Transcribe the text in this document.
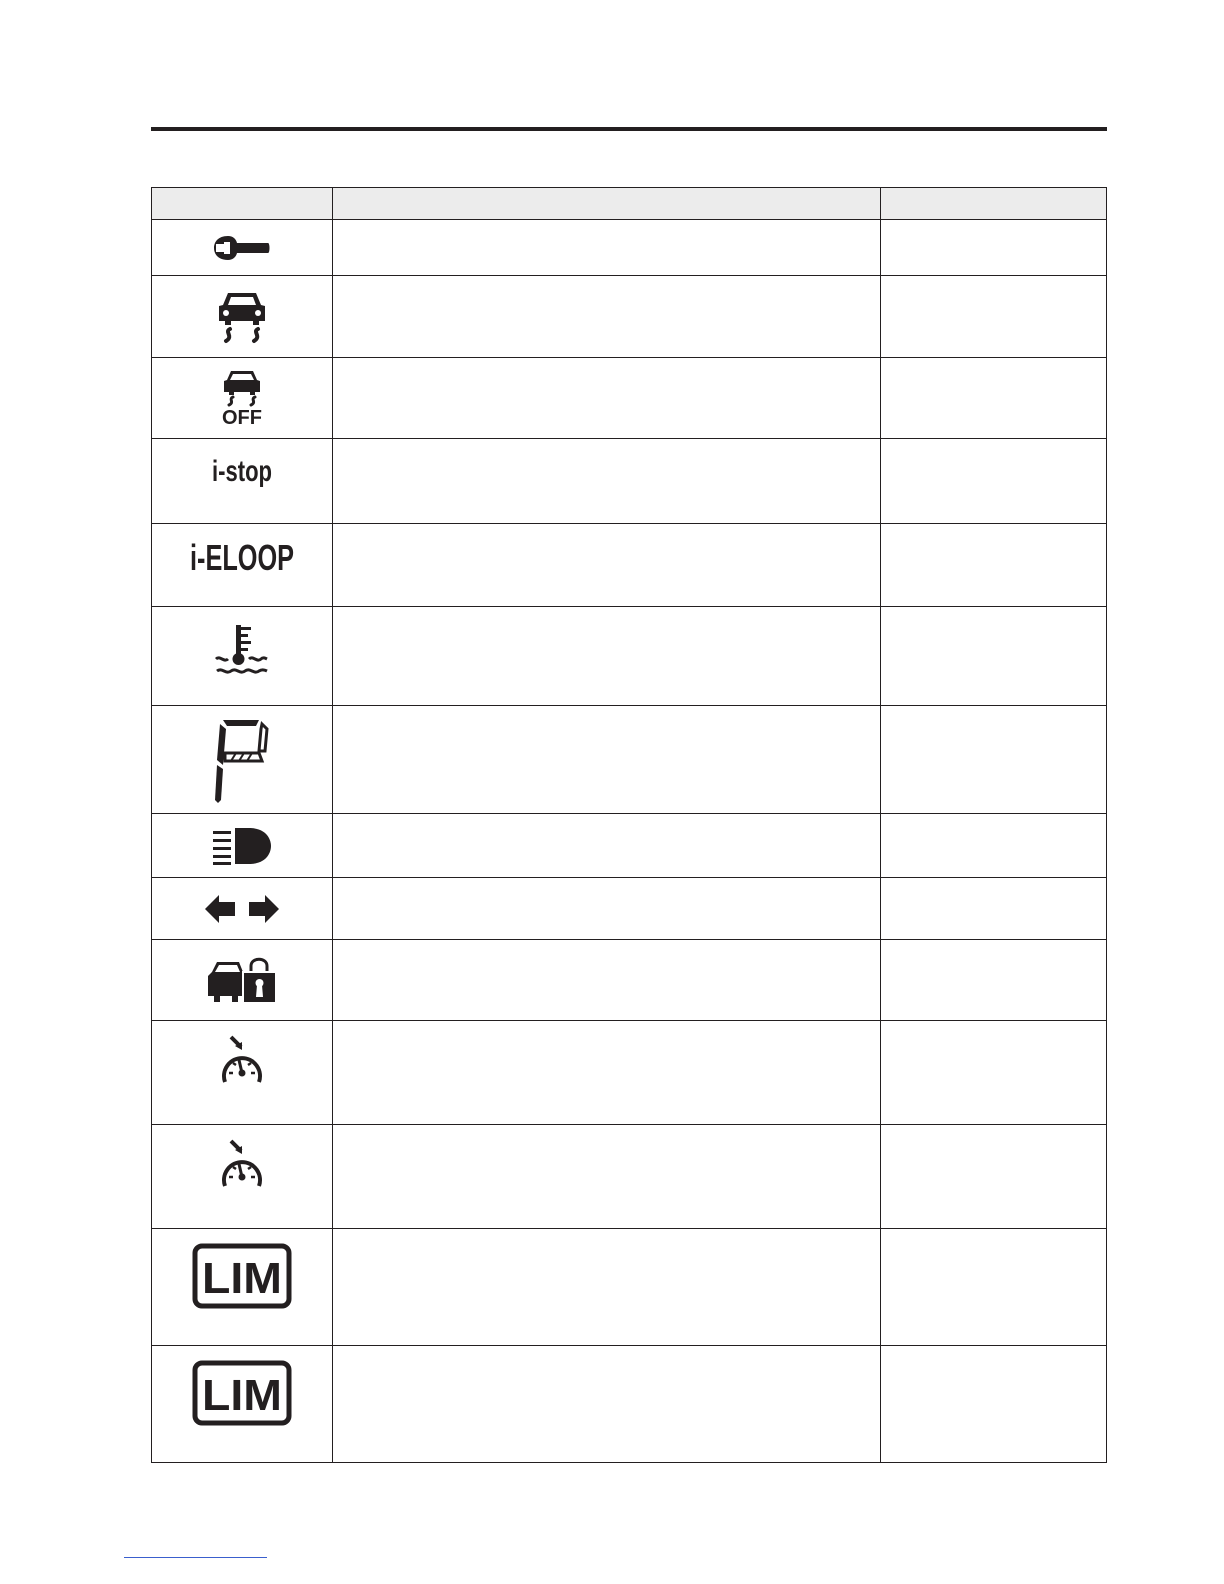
OFF		

i-stop		

i-ELOOP		

LIM		

LIM		
